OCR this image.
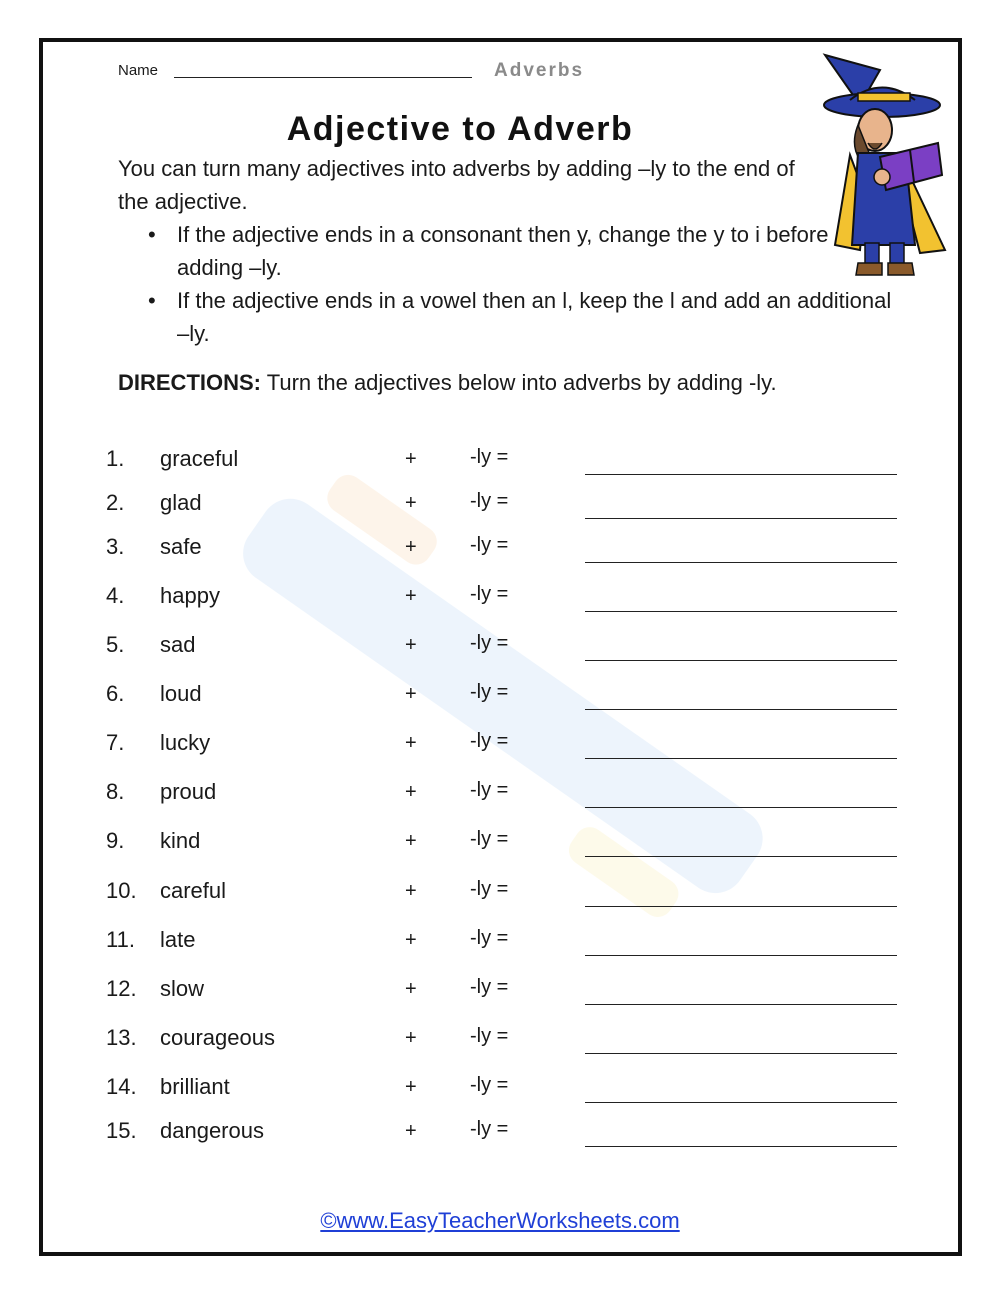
Name	Adverbs
Adjective to Adverb
You can turn many adjectives into adverbs by adding –ly to the end of the adjective.
• If the adjective ends in a consonant then y, change the y to i before adding –ly.
• If the adjective ends in a vowel then an l, keep the l and add an additional –ly.
DIRECTIONS: Turn the adjectives below into adverbs by adding -ly.
1. graceful	+	-ly =
2. glad	+	-ly =
3. safe	+	-ly =
4. happy	+	-ly =
5. sad	+	-ly =
6. loud	+	-ly =
7. lucky	+	-ly =
8. proud	+	-ly =
9. kind	+	-ly =
10. careful	+	-ly =
11. late	+	-ly =
12. slow	+	-ly =
13. courageous	+	-ly =
14. brilliant	+	-ly =
15. dangerous	+	-ly =
©www.EasyTeacherWorksheets.com
